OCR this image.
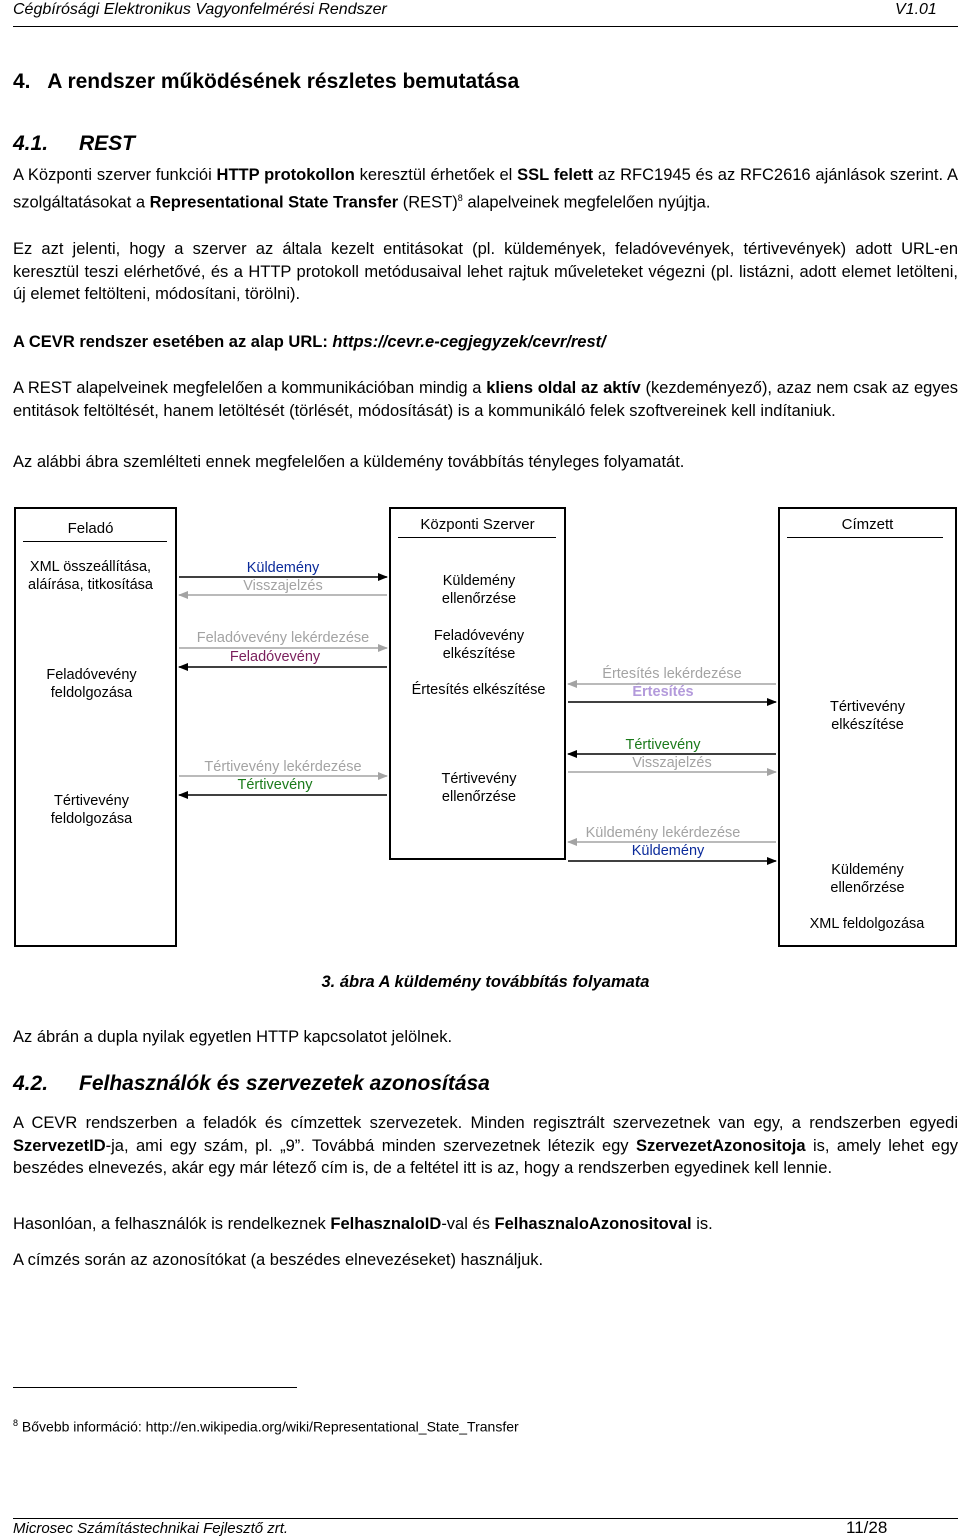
Cégbírósági Elektronikus Vagyonfelmérési Rendszer	V1.01
4.   A rendszer működésének részletes bemutatása
4.1. REST
A Központi szerver funkciói HTTP protokollon keresztül érhetőek el SSL felett az RFC1945 és az RFC2616 ajánlások szerint. A szolgáltatásokat a Representational State Transfer (REST)$^8$ alapelveinek megfelelően nyújtja.
Ez azt jelenti, hogy a szerver az általa kezelt entitásokat (pl. küldemények, feladóvevények, tértivevények) adott URL-en keresztül teszi elérhetővé, és a HTTP protokoll metódusaival lehet rajtuk műveleteket végezni (pl. listázni, adott elemet letölteni, új elemet feltölteni, módosítani, törölni).
A CEVR rendszer esetében az alap URL: https://cevr.e-cegjegyzek/cevr/rest/
A REST alapelveinek megfelelően a kommunikációban mindig a kliens oldal az aktív (kezdeményező), azaz nem csak az egyes entitások feltöltését, hanem letöltését (törlését, módosítását) is a kommunikáló felek szoftvereinek kell indítaniuk.
Az alábbi ábra szemlélteti ennek megfelelően a küldemény továbbítás tényleges folyamatát.
Feladó	Központi Szerver	Címzett
XML összeállítása, aláírása, titkosítása
Feladóvevény feldolgozása
Tértivevény feldolgozása
Küldemény ellenőrzése
Feladóvevény elkészítése
Értesítés elkészítése
Tértivevény ellenőrzése
Tértivevény elkészítése
Küldemény ellenőrzése
XML feldolgozása
Küldemény
Visszajelzés
Feladóvevény lekérdezése
Feladóvevény
Tértivevény lekérdezése
Tértivevény
Értesítés lekérdezése
Értesítés
Tértivevény
Visszajelzés
Küldemény lekérdezése
Küldemény
3. ábra A küldemény továbbítás folyamata
Az ábrán a dupla nyilak egyetlen HTTP kapcsolatot jelölnek.
4.2. Felhasználók és szervezetek azonosítása
A CEVR rendszerben a feladók és címzettek szervezetek. Minden regisztrált szervezetnek van egy, a rendszerben egyedi SzervezetID-ja, ami egy szám, pl. „9”. Továbbá minden szervezetnek létezik egy SzervezetAzonositoja is, amely lehet egy beszédes elnevezés, akár egy már létező cím is, de a feltétel itt is az, hogy a rendszerben egyedinek kell lennie.
Hasonlóan, a felhasználók is rendelkeznek FelhasznaloID-val és FelhasznaloAzonositoval is.
A címzés során az azonosítókat (a beszédes elnevezéseket) használjuk.
$^8$ Bővebb információ: http://en.wikipedia.org/wiki/Representational_State_Transfer
Microsec Számítástechnikai Fejlesztő zrt.	11/28
